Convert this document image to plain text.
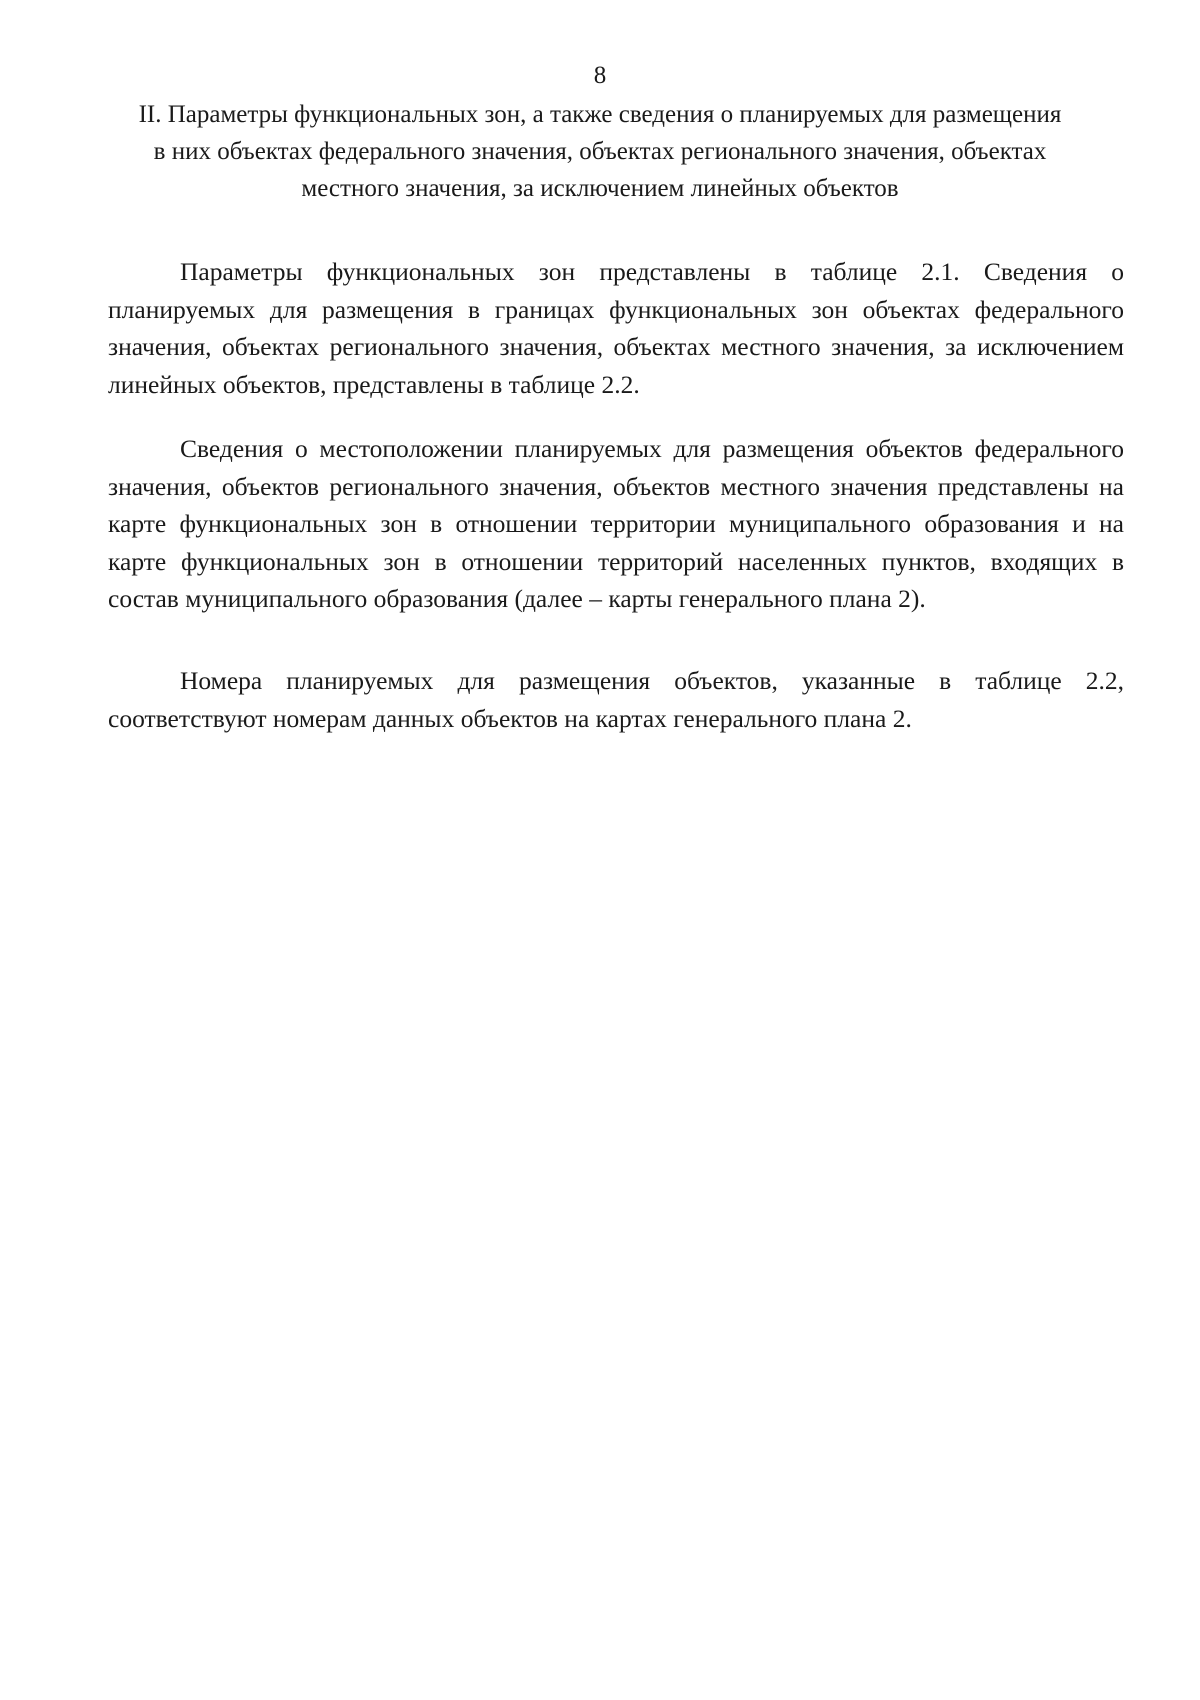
8
II. Параметры функциональных зон, а также сведения о планируемых для размещения в них объектах федерального значения, объектах регионального значения, объектах местного значения, за исключением линейных объектов

Параметры функциональных зон представлены в таблице 2.1. Сведения о планируемых для размещения в границах функциональных зон объектах федерального значения, объектах регионального значения, объектах местного значения, за исключением линейных объектов, представлены в таблице 2.2.

Сведения о местоположении планируемых для размещения объектов федерального значения, объектов регионального значения, объектов местного значения представлены на карте функциональных зон в отношении территории муниципального образования и на карте функциональных зон в отношении территорий населенных пунктов, входящих в состав муниципального образования (далее – карты генерального плана 2).

Номера планируемых для размещения объектов, указанные в таблице 2.2, соответствуют номерам данных объектов на картах генерального плана 2.
